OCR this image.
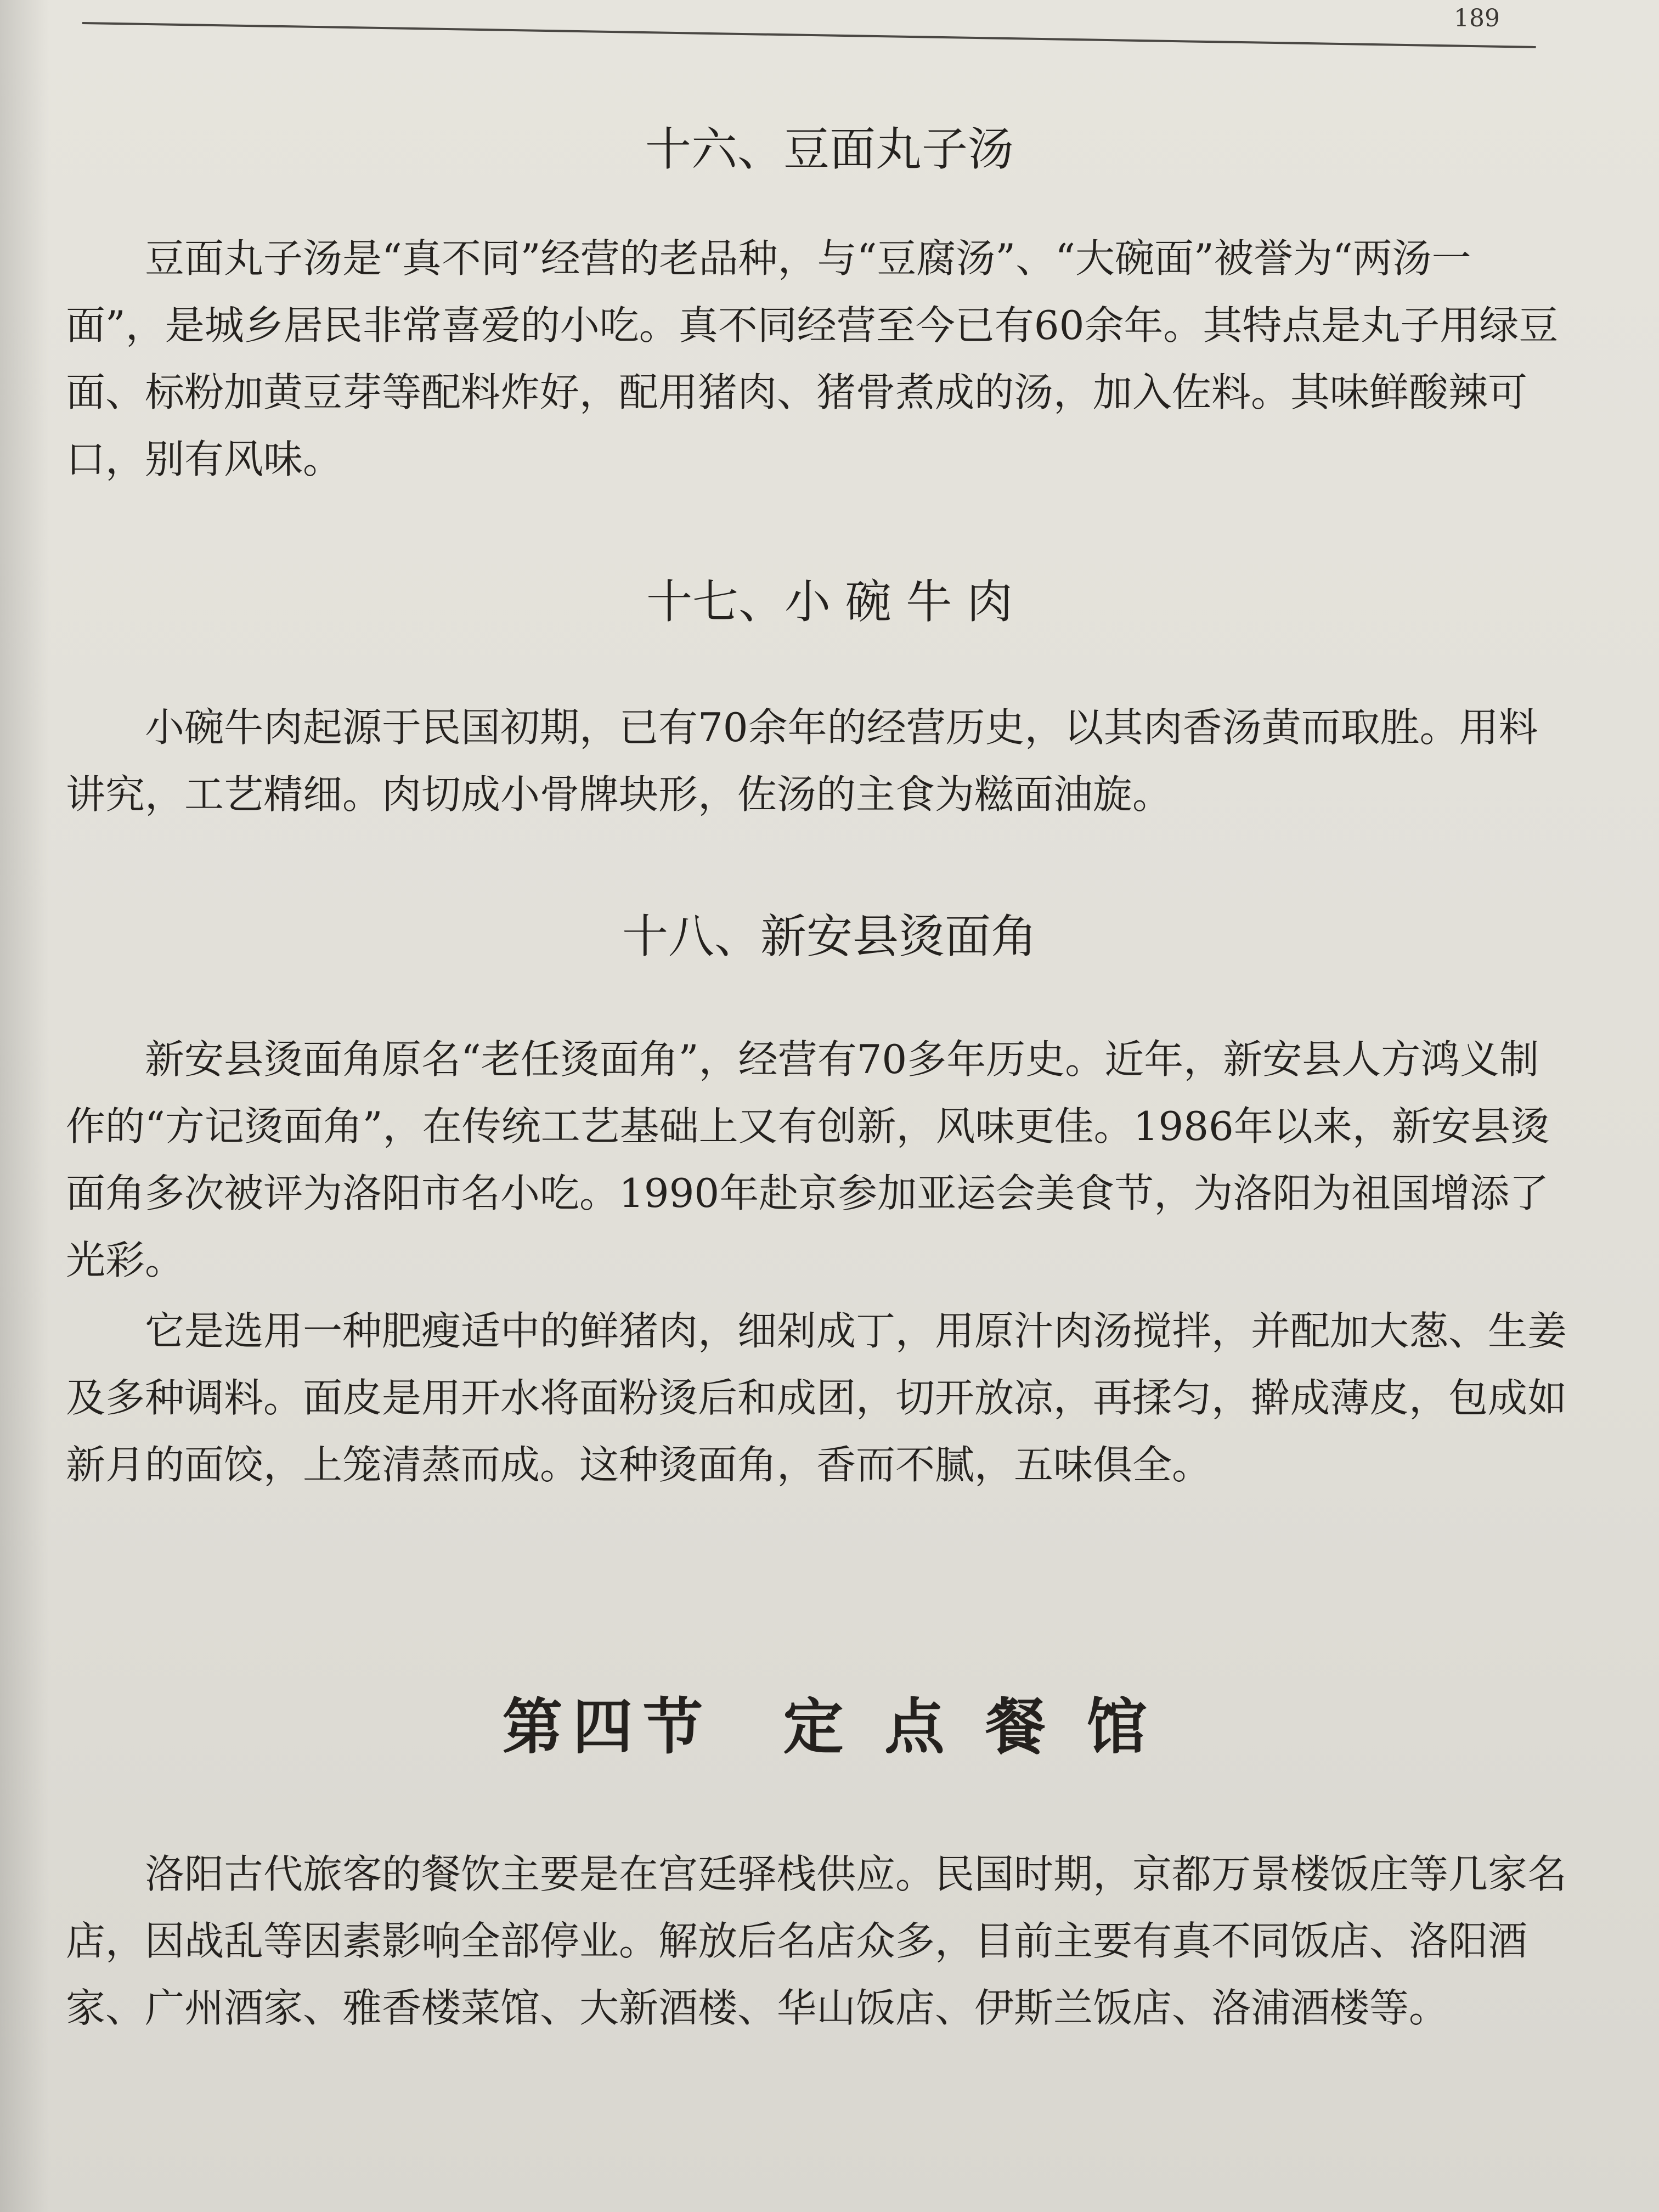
189
十六、豆面丸子汤

豆面丸子汤是“真不同”经营的老品种，与“豆腐汤”、“大碗面”被誉为“两汤一面”，是城乡居民非常喜爱的小吃。真不同经营至今已有60余年。其特点是丸子用绿豆面、标粉加黄豆芽等配料炸好，配用猪肉、猪骨煮成的汤，加入佐料。其味鲜酸辣可口，别有风味。

十七、小 碗 牛 肉

小碗牛肉起源于民国初期，已有70余年的经营历史，以其肉香汤黄而取胜。用料讲究，工艺精细。肉切成小骨牌块形，佐汤的主食为糍面油旋。

十八、新安县烫面角

新安县烫面角原名“老任烫面角”，经营有70多年历史。近年，新安县人方鸿义制作的“方记烫面角”，在传统工艺基础上又有创新，风味更佳。1986年以来，新安县烫面角多次被评为洛阳市名小吃。1990年赴京参加亚运会美食节，为洛阳为祖国增添了光彩。

它是选用一种肥瘦适中的鲜猪肉，细剁成丁，用原汁肉汤搅拌，并配加大葱、生姜及多种调料。面皮是用开水将面粉烫后和成团，切开放凉，再揉匀，擀成薄皮，包成如新月的面饺，上笼清蒸而成。这种烫面角，香而不腻，五味俱全。

第四节　定 点 餐 馆

洛阳古代旅客的餐饮主要是在宫廷驿栈供应。民国时期，京都万景楼饭庄等几家名店，因战乱等因素影响全部停业。解放后名店众多，目前主要有真不同饭店、洛阳酒家、广州酒家、雅香楼菜馆、大新酒楼、华山饭店、伊斯兰饭店、洛浦酒楼等。
